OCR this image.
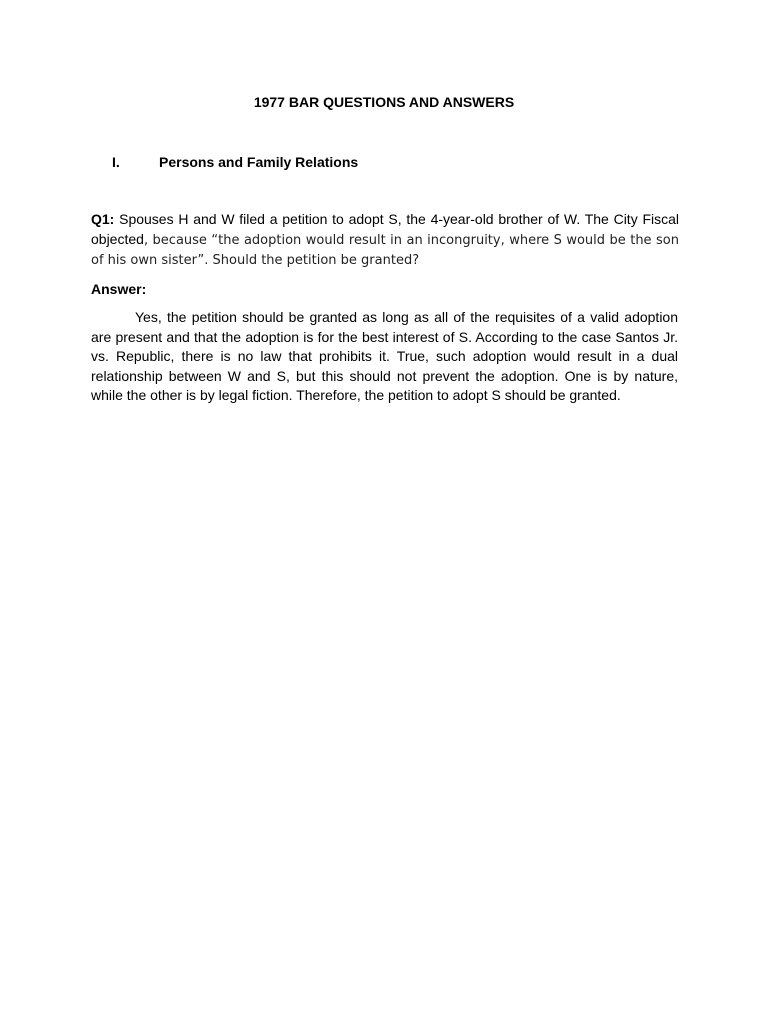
1977 BAR QUESTIONS AND ANSWERS
I.	Persons and Family Relations
Q1: Spouses H and W filed a petition to adopt S, the 4-year-old brother of W. The City Fiscal objected, because “the adoption would result in an incongruity, where S would be the son of his own sister”. Should the petition be granted?
Answer:
Yes, the petition should be granted as long as all of the requisites of a valid adoption are present and that the adoption is for the best interest of S. According to the case Santos Jr. vs. Republic, there is no law that prohibits it. True, such adoption would result in a dual relationship between W and S, but this should not prevent the adoption. One is by nature, while the other is by legal fiction. Therefore, the petition to adopt S should be granted.
